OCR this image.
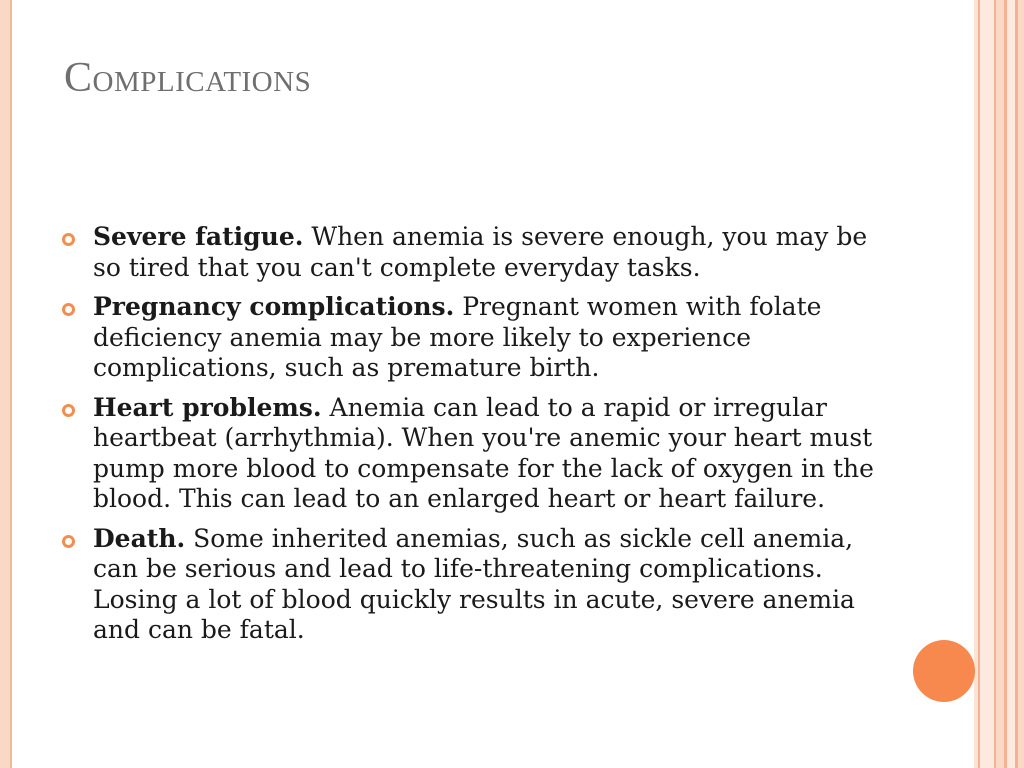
Complications
Severe fatigue. When anemia is severe enough, you may be so tired that you can't complete everyday tasks.
Pregnancy complications. Pregnant women with folate deficiency anemia may be more likely to experience complications, such as premature birth.
Heart problems. Anemia can lead to a rapid or irregular heartbeat (arrhythmia). When you're anemic your heart must pump more blood to compensate for the lack of oxygen in the blood. This can lead to an enlarged heart or heart failure.
Death. Some inherited anemias, such as sickle cell anemia, can be serious and lead to life-threatening complications. Losing a lot of blood quickly results in acute, severe anemia and can be fatal.
